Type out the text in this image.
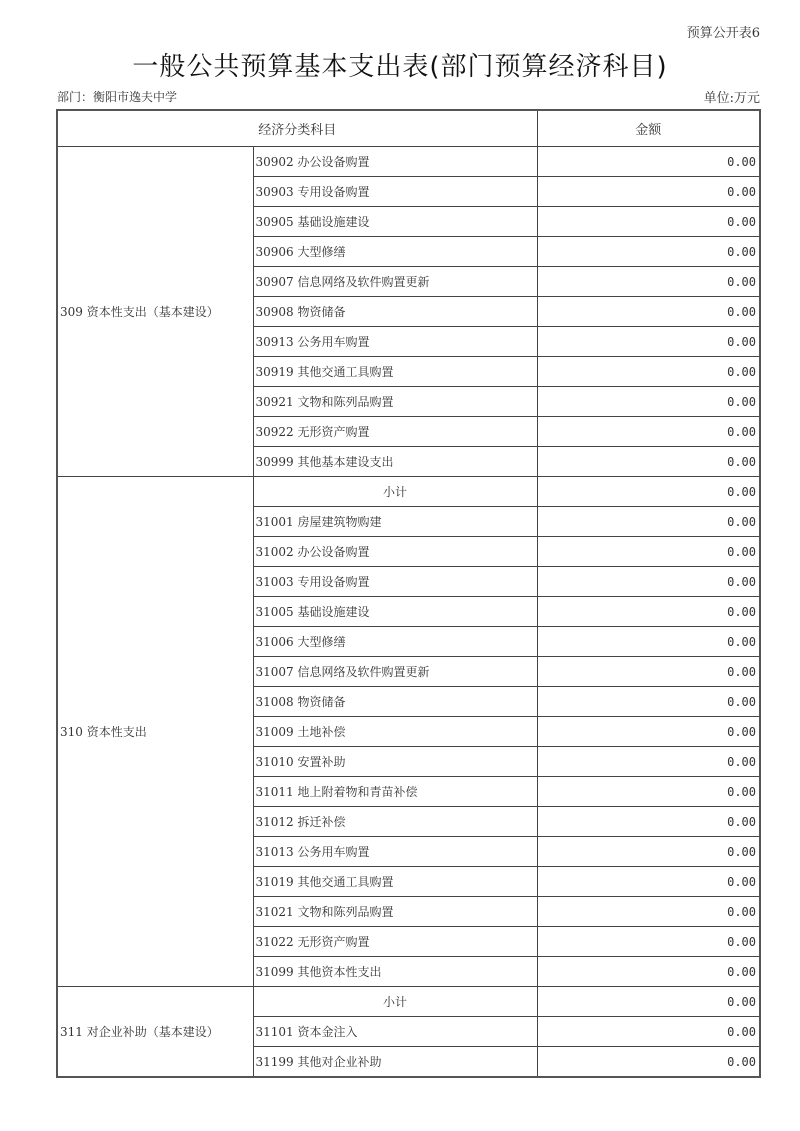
预算公开表6
一般公共预算基本支出表(部门预算经济科目)
部门：衡阳市逸夫中学	单位:万元
经济分类科目		金额
309 资本性支出（基本建设）	30902 办公设备购置	0.00
	30903 专用设备购置	0.00
	30905 基础设施建设	0.00
	30906 大型修缮	0.00
	30907 信息网络及软件购置更新	0.00
	30908 物资储备	0.00
	30913 公务用车购置	0.00
	30919 其他交通工具购置	0.00
	30921 文物和陈列品购置	0.00
	30922 无形资产购置	0.00
	30999 其他基本建设支出	0.00
310 资本性支出	小计	0.00
	31001 房屋建筑物购建	0.00
	31002 办公设备购置	0.00
	31003 专用设备购置	0.00
	31005 基础设施建设	0.00
	31006 大型修缮	0.00
	31007 信息网络及软件购置更新	0.00
	31008 物资储备	0.00
	31009 土地补偿	0.00
	31010 安置补助	0.00
	31011 地上附着物和青苗补偿	0.00
	31012 拆迁补偿	0.00
	31013 公务用车购置	0.00
	31019 其他交通工具购置	0.00
	31021 文物和陈列品购置	0.00
	31022 无形资产购置	0.00
	31099 其他资本性支出	0.00
311 对企业补助（基本建设）	小计	0.00
	31101 资本金注入	0.00
	31199 其他对企业补助	0.00
